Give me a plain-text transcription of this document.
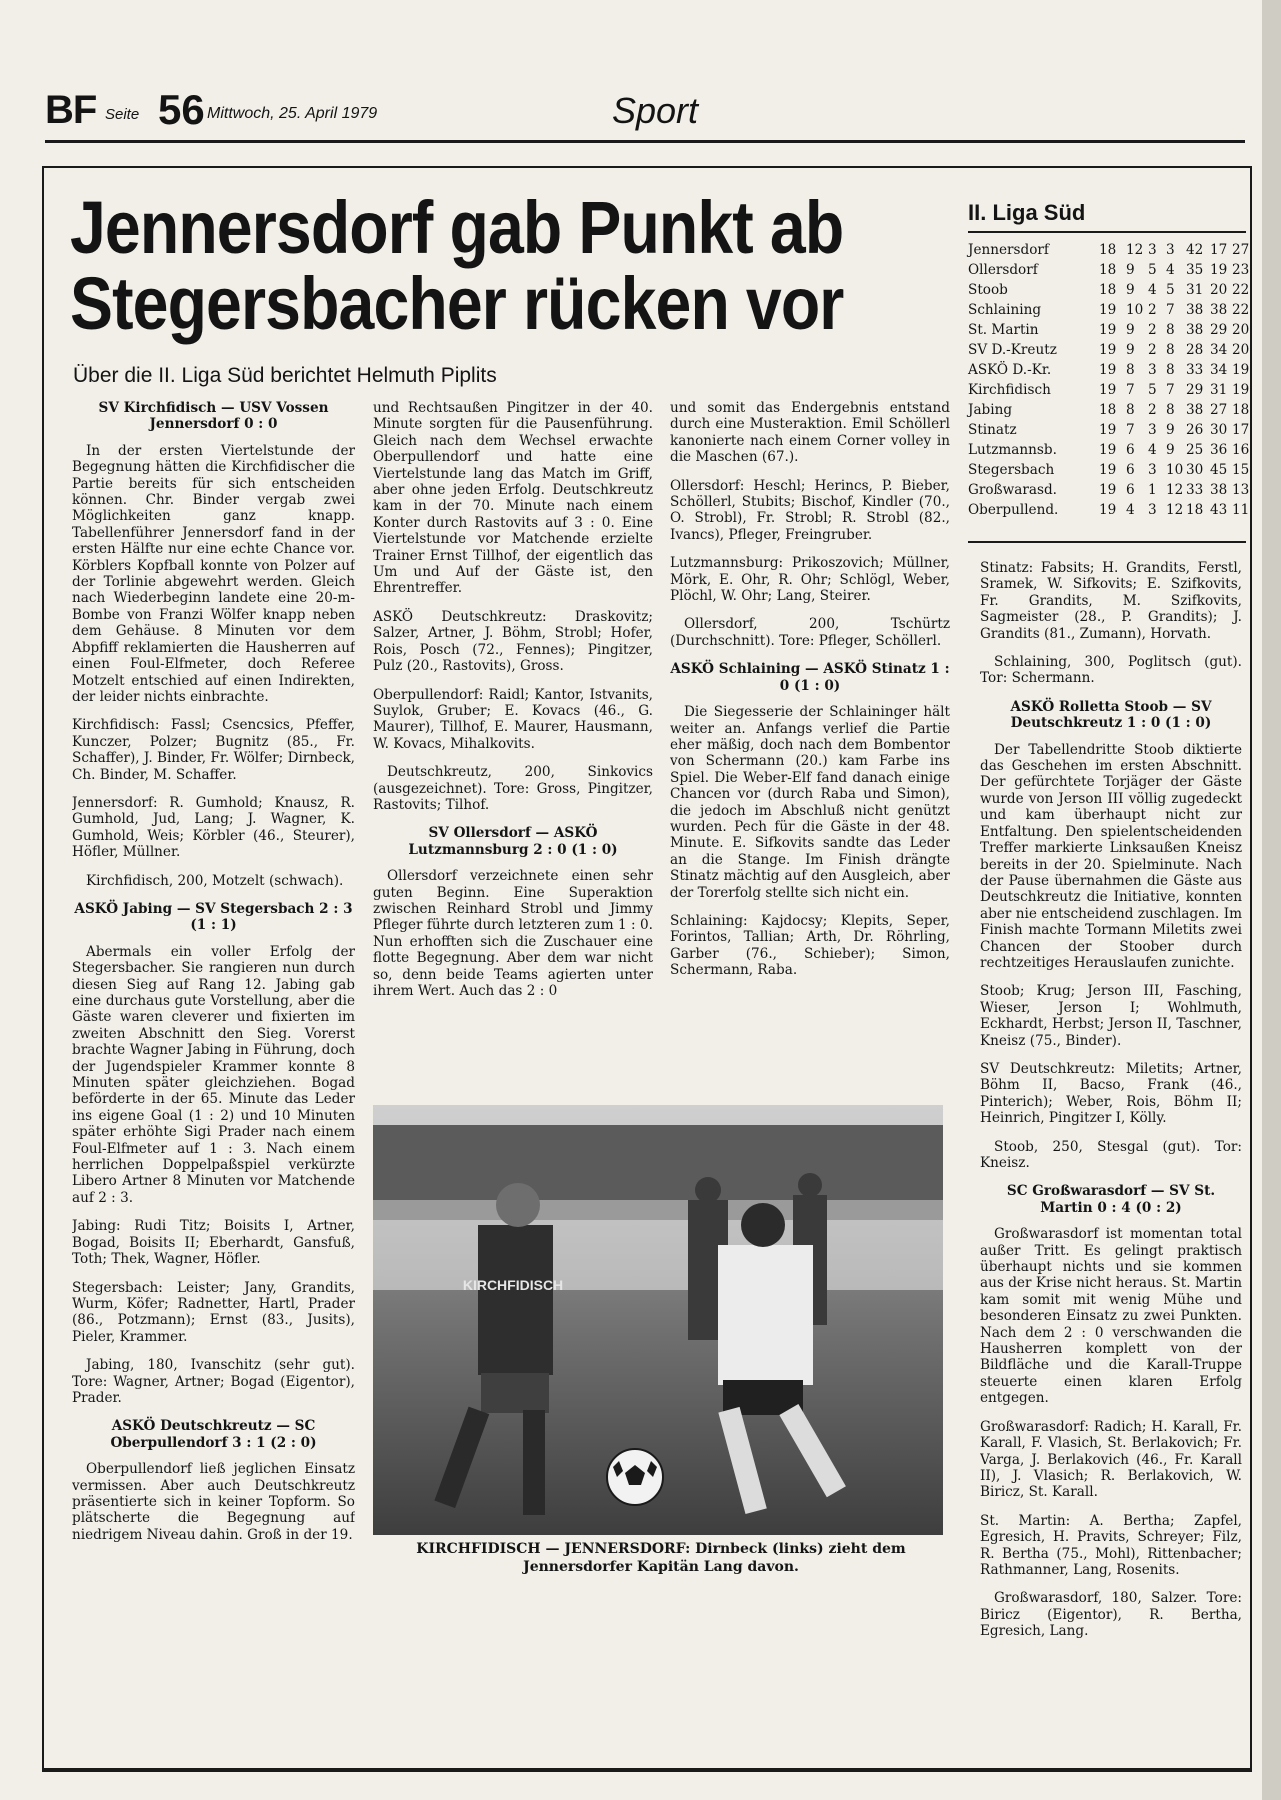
BF Seite 56 Mittwoch, 25. April 1979	Sport
Jennersdorf gab Punkt ab
Stegersbacher rücken vor
Über die II. Liga Süd berichtet Helmuth Piplits
SV Kirchfidisch — USV Vossen Jennersdorf 0 : 0

In der ersten Viertelstunde der Begegnung hätten die Kirchfidischer die Partie bereits für sich entscheiden können. Chr. Binder vergab zwei Möglichkeiten ganz knapp. Tabellenführer Jennersdorf fand in der ersten Hälfte nur eine echte Chance vor. Körblers Kopfball konnte von Polzer auf der Torlinie abgewehrt werden. Gleich nach Wiederbeginn landete eine 20-m-Bombe von Franzi Wölfer knapp neben dem Gehäuse. 8 Minuten vor dem Abpfiff reklamierten die Hausherren auf einen Foul-Elfmeter, doch Referee Motzelt entschied auf einen Indirekten, der leider nichts einbrachte.

Kirchfidisch: Fassl; Csencsics, Pfeffer, Kunczer, Polzer; Bugnitz (85., Fr. Schaffer), J. Binder, Fr. Wölfer; Dirnbeck, Ch. Binder, M. Schaffer.

Jennersdorf: R. Gumhold; Knausz, R. Gumhold, Jud, Lang; J. Wagner, K. Gumhold, Weis; Körbler (46., Steurer), Höfler, Müllner.

Kirchfidisch, 200, Motzelt (schwach).

ASKÖ Jabing — SV Stegersbach 2 : 3 (1 : 1)

Abermals ein voller Erfolg der Stegersbacher. Sie rangieren nun durch diesen Sieg auf Rang 12. Jabing gab eine durchaus gute Vorstellung, aber die Gäste waren cleverer und fixierten im zweiten Abschnitt den Sieg. Vorerst brachte Wagner Jabing in Führung, doch der Jugendspieler Krammer konnte 8 Minuten später gleichziehen. Bogad beförderte in der 65. Minute das Leder ins eigene Goal (1 : 2) und 10 Minuten später erhöhte Sigi Prader nach einem Foul-Elfmeter auf 1 : 3. Nach einem herrlichen Doppelpaßspiel verkürzte Libero Artner 8 Minuten vor Matchende auf 2 : 3.

Jabing: Rudi Titz; Boisits I, Artner, Bogad, Boisits II; Eberhardt, Gansfuß, Toth; Thek, Wagner, Höfler.

Stegersbach: Leister; Jany, Grandits, Wurm, Köfer; Radnetter, Hartl, Prader (86., Potzmann); Ernst (83., Jusits), Pieler, Krammer.

Jabing, 180, Ivanschitz (sehr gut). Tore: Wagner, Artner; Bogad (Eigentor), Prader.

ASKÖ Deutschkreutz — SC Oberpullendorf 3 : 1 (2 : 0)

Oberpullendorf ließ jeglichen Einsatz vermissen. Aber auch Deutschkreutz präsentierte sich in keiner Topform. So plätscherte die Begegnung auf niedrigem Niveau dahin. Groß in der 19.

und Rechtsaußen Pingitzer in der 40. Minute sorgten für die Pausenführung. Gleich nach dem Wechsel erwachte Oberpullendorf und hatte eine Viertelstunde lang das Match im Griff, aber ohne jeden Erfolg. Deutschkreutz kam in der 70. Minute nach einem Konter durch Rastovits auf 3 : 0. Eine Viertelstunde vor Matchende erzielte Trainer Ernst Tillhof, der eigentlich das Um und Auf der Gäste ist, den Ehrentreffer.

ASKÖ Deutschkreutz: Draskovitz; Salzer, Artner, J. Böhm, Strobl; Hofer, Rois, Posch (72., Fennes); Pingitzer, Pulz (20., Rastovits), Gross.

Oberpullendorf: Raidl; Kantor, Istvanits, Suylok, Gruber; E. Kovacs (46., G. Maurer), Tillhof, E. Maurer, Hausmann, W. Kovacs, Mihalkovits.

Deutschkreutz, 200, Sinkovics (ausgezeichnet). Tore: Gross, Pingitzer, Rastovits; Tilhof.

SV Ollersdorf — ASKÖ Lutzmannsburg 2 : 0 (1 : 0)

Ollersdorf verzeichnete einen sehr guten Beginn. Eine Superaktion zwischen Reinhard Strobl und Jimmy Pfleger führte durch letzteren zum 1 : 0. Nun erhofften sich die Zuschauer eine flotte Begegnung. Aber dem war nicht so, denn beide Teams agierten unter ihrem Wert. Auch das 2 : 0

und somit das Endergebnis entstand durch eine Musteraktion. Emil Schöllerl kanonierte nach einem Corner volley in die Maschen (67.).

Ollersdorf: Heschl; Herincs, P. Bieber, Schöllerl, Stubits; Bischof, Kindler (70., O. Strobl), Fr. Strobl; R. Strobl (82., Ivancs), Pfleger, Freingruber.

Lutzmannsburg: Prikoszovich; Müllner, Mörk, E. Ohr, R. Ohr; Schlögl, Weber, Plöchl, W. Ohr; Lang, Steirer.

Ollersdorf, 200, Tschürtz (Durchschnitt). Tore: Pfleger, Schöllerl.

ASKÖ Schlaining — ASKÖ Stinatz 1 : 0 (1 : 0)

Die Siegesserie der Schlaininger hält weiter an. Anfangs verlief die Partie eher mäßig, doch nach dem Bombentor von Schermann (20.) kam Farbe ins Spiel. Die Weber-Elf fand danach einige Chancen vor (durch Raba und Simon), die jedoch im Abschluß nicht genützt wurden. Pech für die Gäste in der 48. Minute. E. Sifkovits sandte das Leder an die Stange. Im Finish drängte Stinatz mächtig auf den Ausgleich, aber der Torerfolg stellte sich nicht ein.

Schlaining: Kajdocsy; Klepits, Seper, Forintos, Tallian; Arth, Dr. Röhrling, Garber (76., Schieber); Simon, Schermann, Raba.

KIRCHFIDISCH
KIRCHFIDISCH — JENNERSDORF: Dirnbeck (links) zieht dem Jennersdorfer Kapitän Lang davon.
II. Liga Süd
Jennersdorf	18 12 3 3 42 17 27
Ollersdorf	18 9 5 4 35 19 23
Stoob	18 9 4 5 31 20 22
Schlaining	19 10 2 7 38 38 22
St. Martin	19 9 2 8 38 29 20
SV D.-Kreutz	19 9 2 8 28 34 20
ASKÖ D.-Kr.	19 8 3 8 33 34 19
Kirchfidisch	19 7 5 7 29 31 19
Jabing	18 8 2 8 38 27 18
Stinatz	19 7 3 9 26 30 17
Lutzmannsb.	19 6 4 9 25 36 16
Stegersbach	19 6 3 10 30 45 15
Großwarasd.	19 6 1 12 33 38 13
Oberpullend.	19 4 3 12 18 43 11

Stinatz: Fabsits; H. Grandits, Ferstl, Sramek, W. Sifkovits; E. Szifkovits, Fr. Grandits, M. Szifkovits, Sagmeister (28., P. Grandits); J. Grandits (81., Zumann), Horvath.

Schlaining, 300, Poglitsch (gut). Tor: Schermann.

ASKÖ Rolletta Stoob — SV Deutschkreutz 1 : 0 (1 : 0)

Der Tabellendritte Stoob diktierte das Geschehen im ersten Abschnitt. Der gefürchtete Torjäger der Gäste wurde von Jerson III völlig zugedeckt und kam überhaupt nicht zur Entfaltung. Den spielentscheidenden Treffer markierte Linksaußen Kneisz bereits in der 20. Spielminute. Nach der Pause übernahmen die Gäste aus Deutschkreutz die Initiative, konnten aber nie entscheidend zuschlagen. Im Finish machte Tormann Miletits zwei Chancen der Stoober durch rechtzeitiges Herauslaufen zunichte.

Stoob; Krug; Jerson III, Fasching, Wieser, Jerson I; Wohlmuth, Eckhardt, Herbst; Jerson II, Taschner, Kneisz (75., Binder).

SV Deutschkreutz: Miletits; Artner, Böhm II, Bacso, Frank (46., Pinterich); Weber, Rois, Böhm II; Heinrich, Pingitzer I, Kölly.

Stoob, 250, Stesgal (gut). Tor: Kneisz.

SC Großwarasdorf — SV St. Martin 0 : 4 (0 : 2)

Großwarasdorf ist momentan total außer Tritt. Es gelingt praktisch überhaupt nichts und sie kommen aus der Krise nicht heraus. St. Martin kam somit mit wenig Mühe und besonderen Einsatz zu zwei Punkten. Nach dem 2 : 0 verschwanden die Hausherren komplett von der Bildfläche und die Karall-Truppe steuerte einen klaren Erfolg entgegen.

Großwarasdorf: Radich; H. Karall, Fr. Karall, F. Vlasich, St. Berlakovich; Fr. Varga, J. Berlakovich (46., Fr. Karall II), J. Vlasich; R. Berlakovich, W. Biricz, St. Karall.

St. Martin: A. Bertha; Zapfel, Egresich, H. Pravits, Schreyer; Filz, R. Bertha (75., Mohl), Rittenbacher; Rathmanner, Lang, Rosenits.

Großwarasdorf, 180, Salzer. Tore: Biricz (Eigentor), R. Bertha, Egresich, Lang.
